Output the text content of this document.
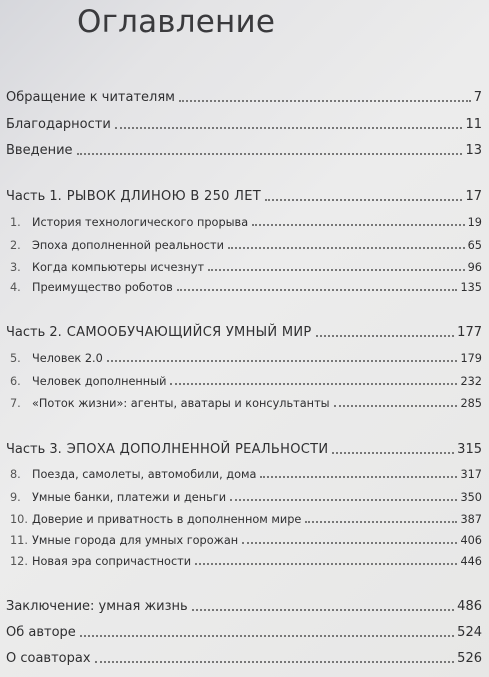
Оглавление
Обращение к читателям	7
Благодарности	11
Введение	13
Часть 1. РЫВОК ДЛИНОЮ В 250 ЛЕТ	17
1. История технологического прорыва	19
2. Эпоха дополненной реальности	65
3. Когда компьютеры исчезнут	96
4. Преимущество роботов	135
Часть 2. САМООБУЧАЮЩИЙСЯ УМНЫЙ МИР	177
5. Человек 2.0	179
6. Человек дополненный	232
7. «Поток жизни»: агенты, аватары и консультанты	285
Часть 3. ЭПОХА ДОПОЛНЕННОЙ РЕАЛЬНОСТИ	315
8. Поезда, самолеты, автомобили, дома	317
9. Умные банки, платежи и деньги	350
10. Доверие и приватность в дополненном мире	387
11. Умные города для умных горожан	406
12. Новая эра сопричастности	446
Заключение: умная жизнь	486
Об авторе	524
О соавторах	526
